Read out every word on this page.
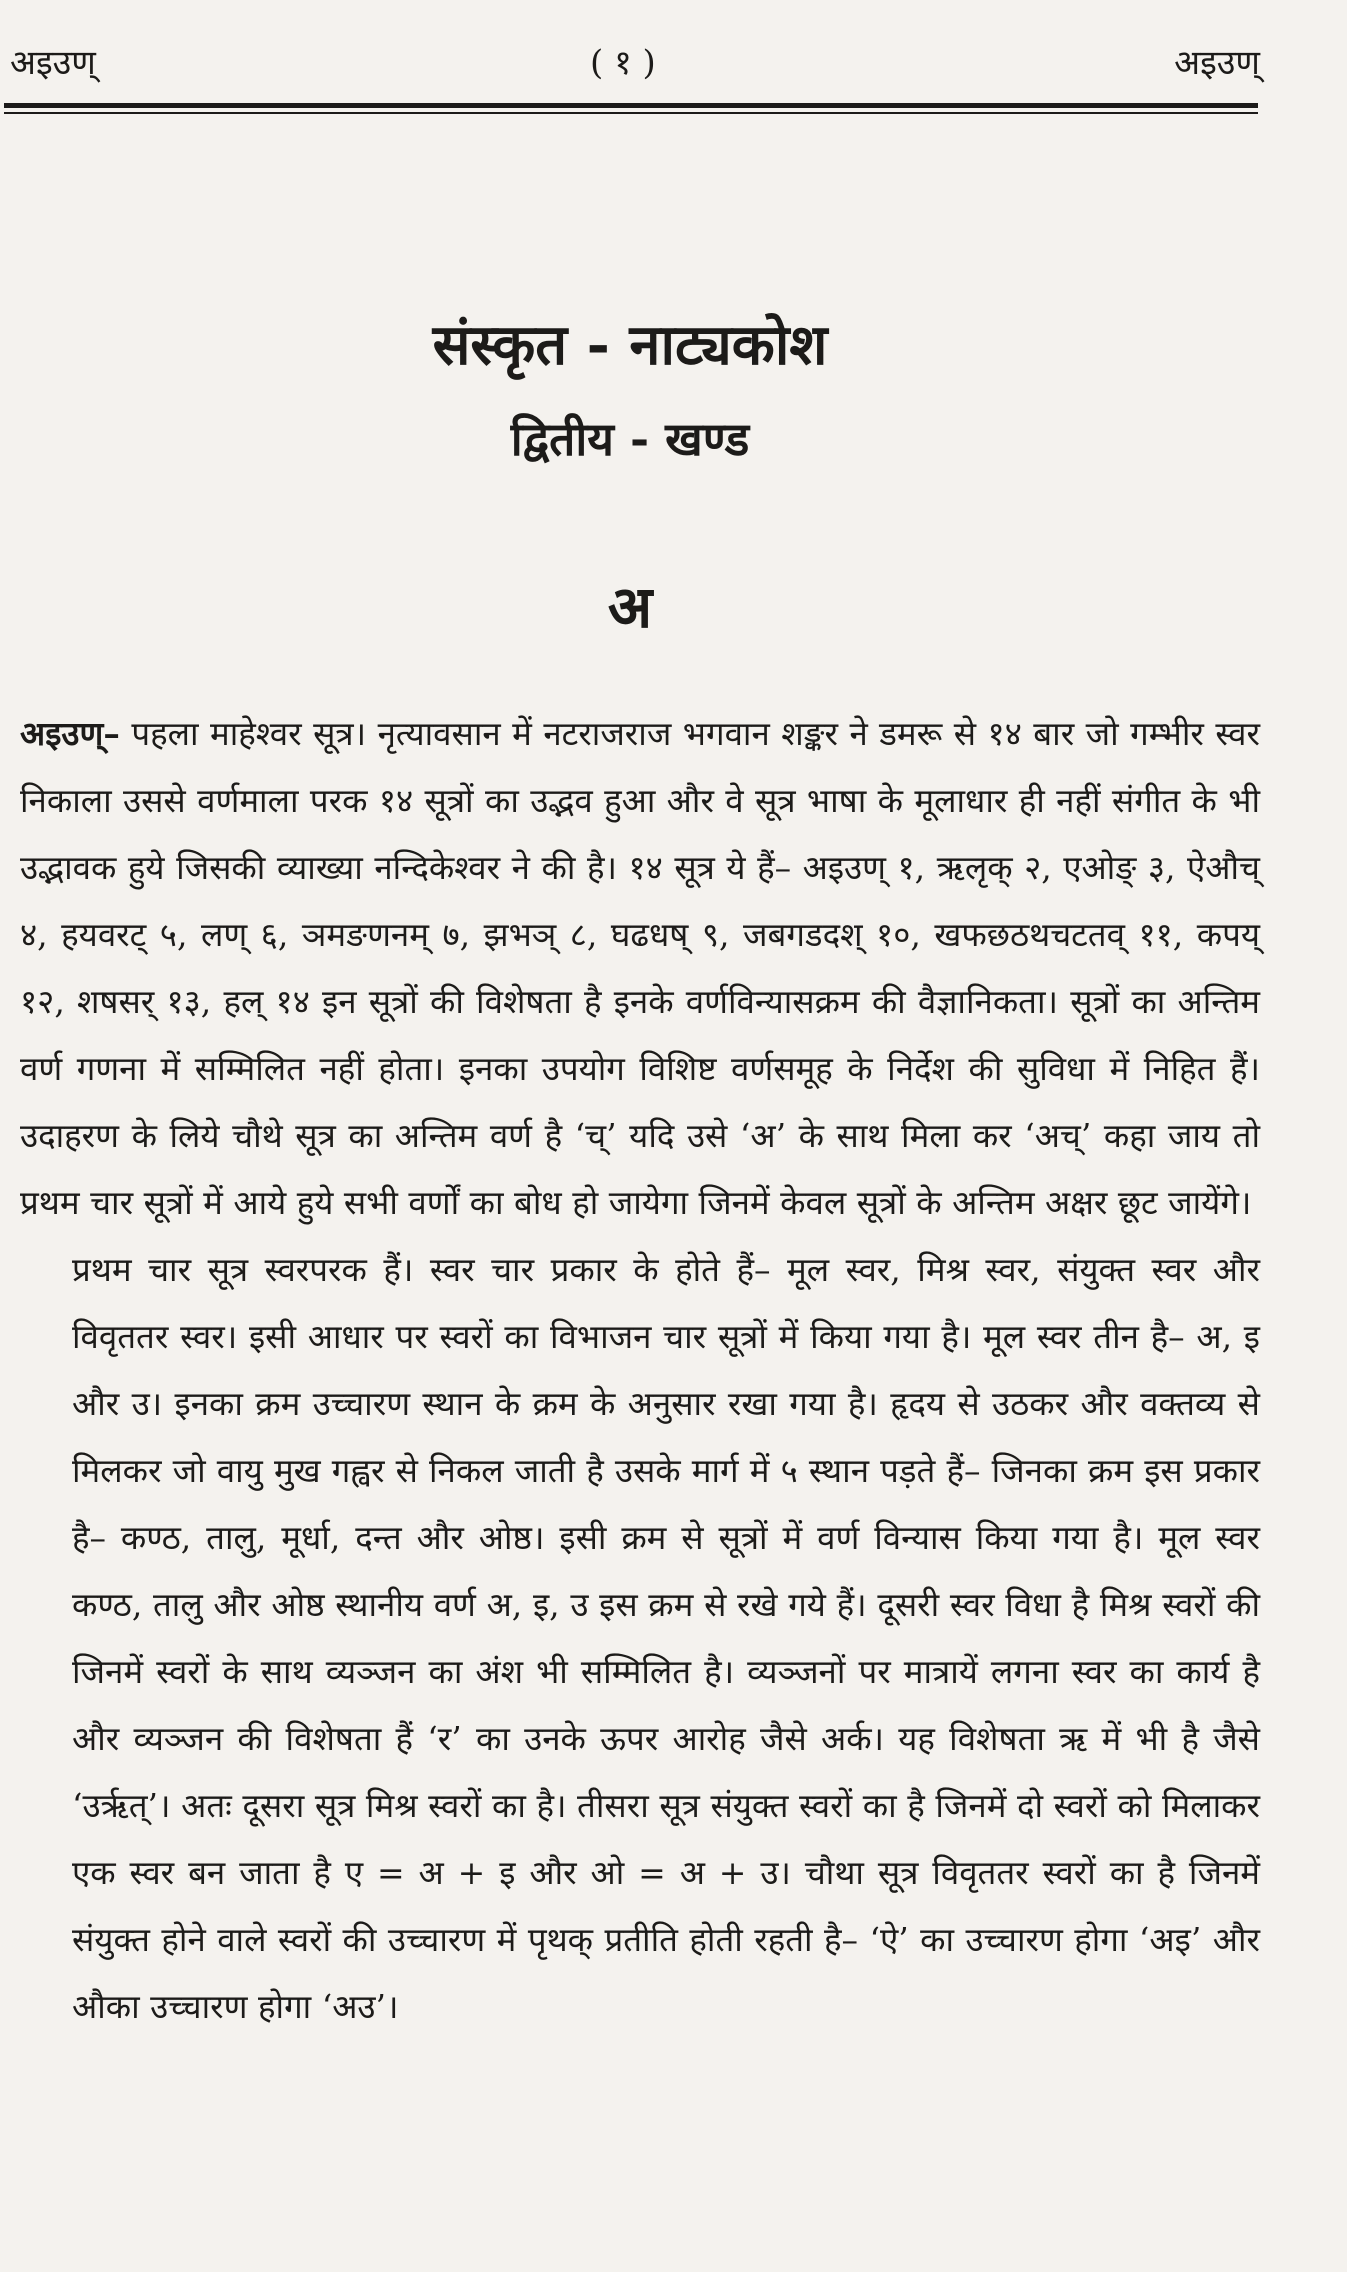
अइउण्	( १ )	अइउण्
संस्कृत - नाट्यकोश
द्वितीय - खण्ड
अ

अइउण्– पहला माहेश्वर सूत्र। नृत्यावसान में नटराजराज भगवान शङ्कर ने डमरू से १४ बार जो गम्भीर स्वर निकाला उससे वर्णमाला परक १४ सूत्रों का उद्भव हुआ और वे सूत्र भाषा के मूलाधार ही नहीं संगीत के भी उद्भावक हुये जिसकी व्याख्या नन्दिकेश्वर ने की है। १४ सूत्र ये हैं– अइउण् १, ऋलृक् २, एओङ् ३, ऐऔच् ४, हयवरट् ५, लण् ६, ञमङणनम् ७, झभञ् ८, घढधष् ९, जबगडदश् १०, खफछठथचटतव् ११, कपय् १२, शषसर् १३, हल् १४ इन सूत्रों की विशेषता है इनके वर्णविन्यासक्रम की वैज्ञानिकता। सूत्रों का अन्तिम वर्ण गणना में सम्मिलित नहीं होता। इनका उपयोग विशिष्ट वर्णसमूह के निर्देश की सुविधा में निहित हैं। उदाहरण के लिये चौथे सूत्र का अन्तिम वर्ण है ‘च्’ यदि उसे ‘अ’ के साथ मिला कर ‘अच्’ कहा जाय तो प्रथम चार सूत्रों में आये हुये सभी वर्णों का बोध हो जायेगा जिनमें केवल सूत्रों के अन्तिम अक्षर छूट जायेंगे।

प्रथम चार सूत्र स्वरपरक हैं। स्वर चार प्रकार के होते हैं– मूल स्वर, मिश्र स्वर, संयुक्त स्वर और विवृततर स्वर। इसी आधार पर स्वरों का विभाजन चार सूत्रों में किया गया है। मूल स्वर तीन है– अ, इ और उ। इनका क्रम उच्चारण स्थान के क्रम के अनुसार रखा गया है। हृदय से उठकर और वक्तव्य से मिलकर जो वायु मुख गह्वर से निकल जाती है उसके मार्ग में ५ स्थान पड़ते हैं– जिनका क्रम इस प्रकार है– कण्ठ, तालु, मूर्धा, दन्त और ओष्ठ। इसी क्रम से सूत्रों में वर्ण विन्यास किया गया है। मूल स्वर कण्ठ, तालु और ओष्ठ स्थानीय वर्ण अ, इ, उ इस क्रम से रखे गये हैं। दूसरी स्वर विधा है मिश्र स्वरों की जिनमें स्वरों के साथ व्यञ्जन का अंश भी सम्मिलित है। व्यञ्जनों पर मात्रायें लगना स्वर का कार्य है और व्यञ्जन की विशेषता हैं ‘र’ का उनके ऊपर आरोह जैसे अर्क। यह विशेषता ऋ में भी है जैसे ‘उर्ऋत्’। अतः दूसरा सूत्र मिश्र स्वरों का है। तीसरा सूत्र संयुक्त स्वरों का है जिनमें दो स्वरों को मिलाकर एक स्वर बन जाता है ए = अ + इ और ओ = अ + उ। चौथा सूत्र विवृततर स्वरों का है जिनमें संयुक्त होने वाले स्वरों की उच्चारण में पृथक् प्रतीति होती रहती है– ‘ऐ’ का उच्चारण होगा ‘अइ’ और औका उच्चारण होगा ‘अउ’।
